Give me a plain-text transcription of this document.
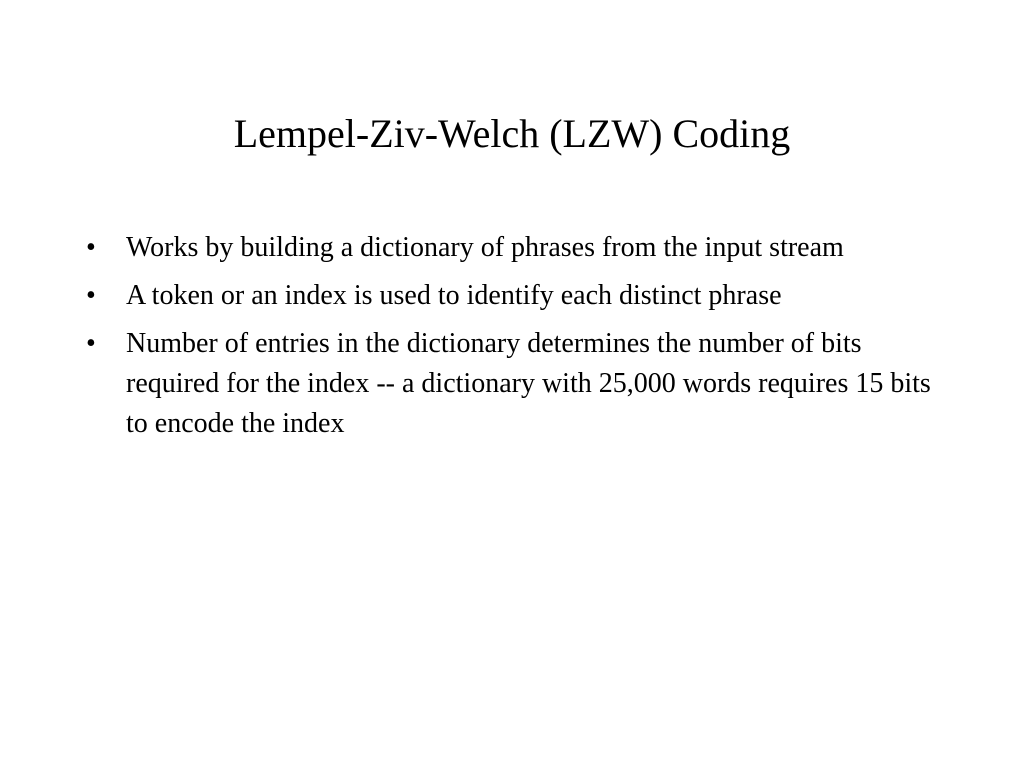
Lempel-Ziv-Welch (LZW) Coding
•	Works by building a dictionary of phrases from the input stream
•	A token or an index is used to identify each distinct phrase
•	Number of entries in the dictionary determines the number of bits required for the index -- a dictionary with 25,000 words requires 15 bits to encode the index
